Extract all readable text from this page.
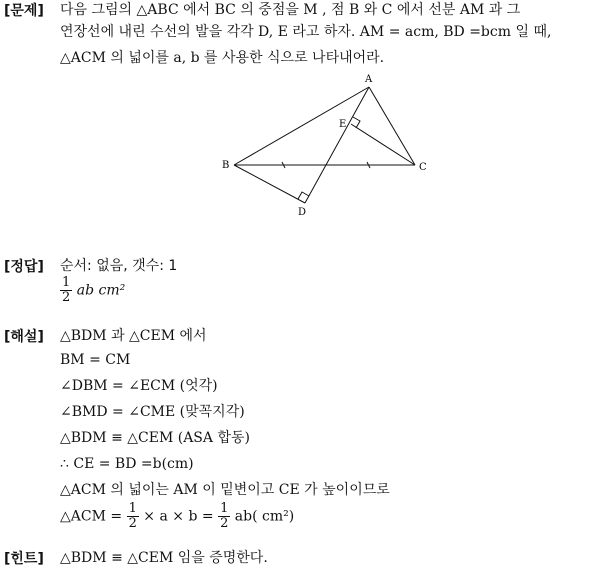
[문제] 다음 그림의 △ABC 에서 BC 의 중점을 M , 점 B 와 C 에서 선분 AM 과 그
연장선에 내린 수선의 발을 각각 D, E 라고 하자. AM = acm, BD =bcm 일 때,
△ACM 의 넓이를 a, b 를 사용한 식으로 나타내어라.
A
B	C
D
E
[정답] 순서: 없음, 갯수: 1
$\frac{1}{2}$ ab cm²
[해설] △BDM 과 △CEM 에서
BM = CM
∠DBM = ∠ECM (엇각)
∠BMD = ∠CME (맞꼭지각)
△BDM ≡ △CEM (ASA 합동)
∴ CE = BD =b(cm)
△ACM 의 넓이는 AM 이 밑변이고 CE 가 높이이므로
△ACM = $\frac{1}{2} \times a \times b = \frac{1}{2} ab$( cm²)
[힌트] △BDM ≡ △CEM 임을 증명한다.
